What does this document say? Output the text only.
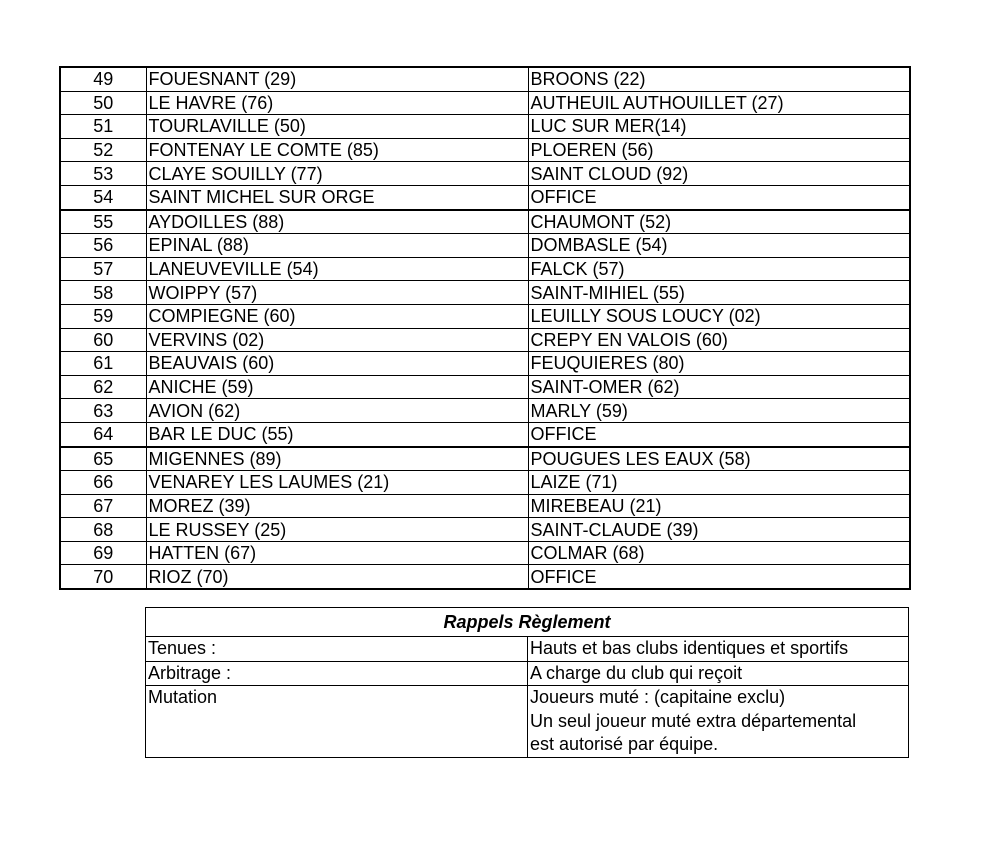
49	FOUESNANT (29)	BROONS (22)
50	LE HAVRE (76)	AUTHEUIL AUTHOUILLET (27)
51	TOURLAVILLE (50)	LUC SUR MER(14)
52	FONTENAY LE COMTE (85)	PLOEREN (56)
53	CLAYE SOUILLY (77)	SAINT CLOUD (92)
54	SAINT MICHEL SUR ORGE	OFFICE
55	AYDOILLES (88)	CHAUMONT (52)
56	EPINAL (88)	DOMBASLE (54)
57	LANEUVEVILLE (54)	FALCK (57)
58	WOIPPY (57)	SAINT-MIHIEL (55)
59	COMPIEGNE (60)	LEUILLY SOUS LOUCY (02)
60	VERVINS (02)	CREPY EN VALOIS (60)
61	BEAUVAIS (60)	FEUQUIERES (80)
62	ANICHE (59)	SAINT-OMER (62)
63	AVION (62)	MARLY (59)
64	BAR LE DUC (55)	OFFICE
65	MIGENNES (89)	POUGUES LES EAUX (58)
66	VENAREY LES LAUMES (21)	LAIZE (71)
67	MOREZ (39)	MIREBEAU (21)
68	LE RUSSEY (25)	SAINT-CLAUDE (39)
69	HATTEN (67)	COLMAR (68)
70	RIOZ (70)	OFFICE
Rappels Règlement	
Tenues :	Hauts et bas clubs identiques et sportifs
Arbitrage :	A charge du club qui reçoit
Mutation	Joueurs muté : (capitaine exclu)
Un seul joueur muté extra départemental
est autorisé par équipe.
